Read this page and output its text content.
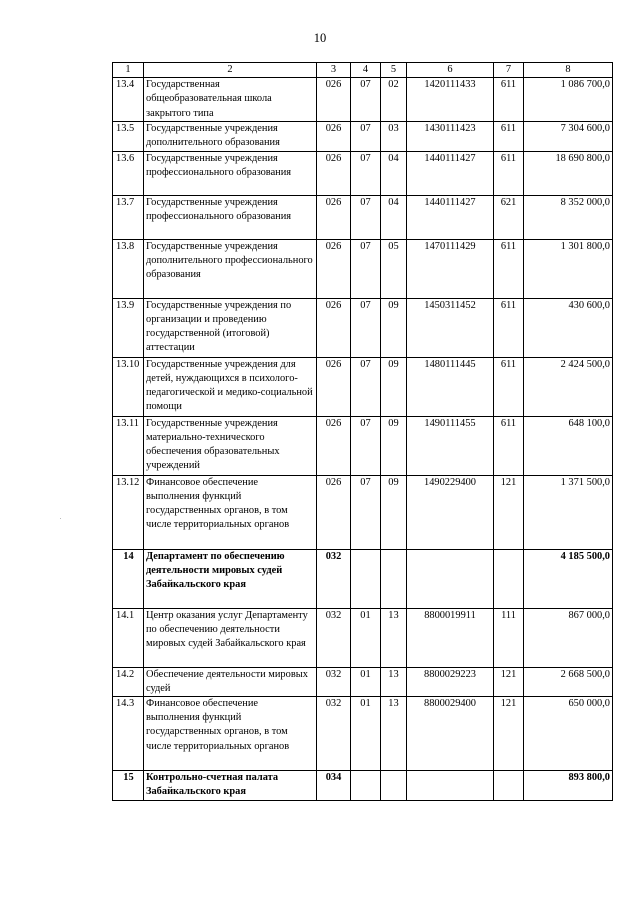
10
1	2	3	4	5	6	7	8
13.4	Государственная общеобразовательная школа закрытого типа	026	07	02	1420111433	611	1 086 700,0
13.5	Государственные учреждения дополнительного образования	026	07	03	1430111423	611	7 304 600,0
13.6	Государственные учреждения профессионального образования	026	07	04	1440111427	611	18 690 800,0
13.7	Государственные учреждения профессионального образования	026	07	04	1440111427	621	8 352 000,0
13.8	Государственные учреждения дополнительного профессионального образования	026	07	05	1470111429	611	1 301 800,0
13.9	Государственные учреждения по организации и проведению государственной (итоговой) аттестации	026	07	09	1450311452	611	430 600,0
13.10	Государственные учреждения для детей, нуждающихся в психолого-педагогической и медико-социальной помощи	026	07	09	1480111445	611	2 424 500,0
13.11	Государственные учреждения материально-технического обеспечения образовательных учреждений	026	07	09	1490111455	611	648 100,0
13.12	Финансовое обеспечение выполнения функций государственных органов, в том числе территориальных органов	026	07	09	1490229400	121	1 371 500,0
14	Департамент по обеспечению деятельности мировых судей Забайкальского края	032					4 185 500,0
14.1	Центр оказания услуг Департаменту по обеспечению деятельности мировых судей Забайкальского края	032	01	13	8800019911	111	867 000,0
14.2	Обеспечение деятельности мировых судей	032	01	13	8800029223	121	2 668 500,0
14.3	Финансовое обеспечение выполнения функций государственных органов, в том числе территориальных органов	032	01	13	8800029400	121	650 000,0
15	Контрольно-счетная палата Забайкальского края	034					893 800,0
